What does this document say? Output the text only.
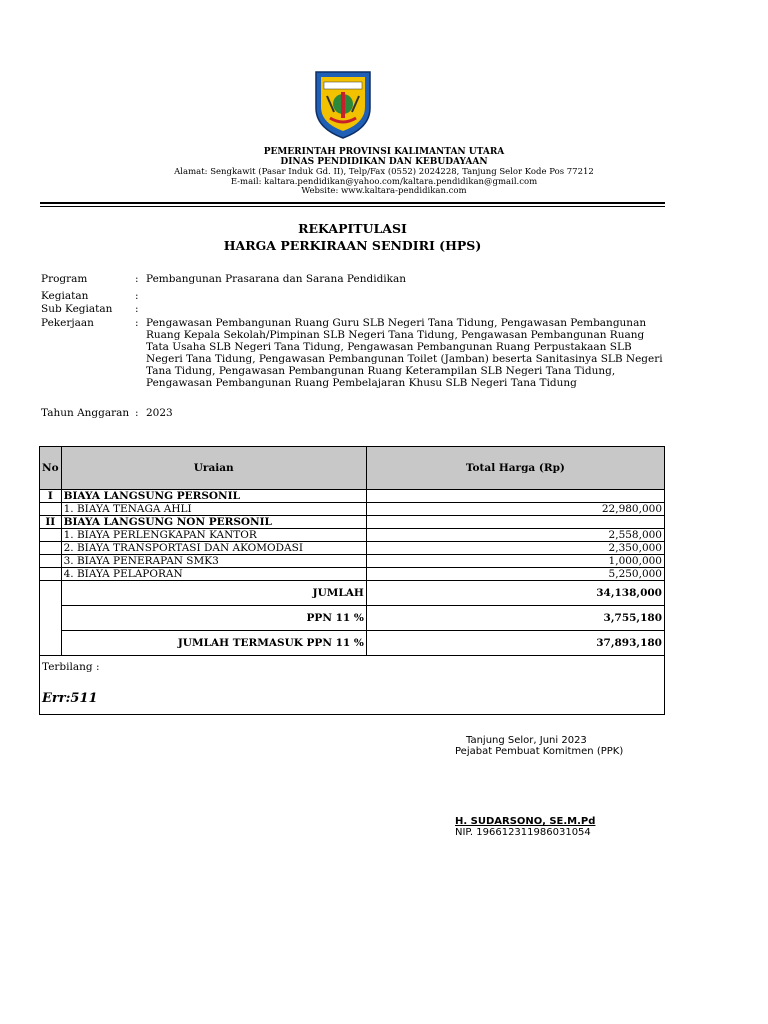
PEMERINTAH PROVINSI KALIMANTAN UTARA
DINAS PENDIDIKAN DAN KEBUDAYAAN
Alamat: Sengkawit (Pasar Induk Gd. II), Telp/Fax (0552) 2024228, Tanjung Selor Kode Pos 77212
E-mail: kaltara.pendidikan@yahoo.com/kaltara.pendidikan@gmail.com
Website: www.kaltara-pendidikan.com
REKAPITULASI
HARGA PERKIRAAN SENDIRI (HPS)
Program	: Pembangunan Prasarana dan Sarana Pendidikan
Kegiatan	:
Sub Kegiatan :
Pekerjaan	: Pengawasan Pembangunan Ruang Guru SLB Negeri Tana Tidung, Pengawasan Pembangunan Ruang Kepala Sekolah/Pimpinan SLB Negeri Tana Tidung, Pengawasan Pembangunan Ruang Tata Usaha SLB Negeri Tana Tidung, Pengawasan Pembangunan Ruang Perpustakaan SLB Negeri Tana Tidung, Pengawasan Pembangunan Toilet (Jamban) beserta Sanitasinya SLB Negeri Tana Tidung, Pengawasan Pembangunan Ruang Keterampilan SLB Negeri Tana Tidung, Pengawasan Pembangunan Ruang Pembelajaran Khusu SLB Negeri Tana Tidung
Tahun Anggaran : 2023
No	Uraian	Total Harga (Rp)
I	BIAYA LANGSUNG PERSONIL	
	1. BIAYA TENAGA AHLI	22,980,000
II	BIAYA LANGSUNG NON PERSONIL	
	1. BIAYA PERLENGKAPAN KANTOR	2,558,000
	2. BIAYA TRANSPORTASI DAN AKOMODASI	2,350,000
	3. BIAYA PENERAPAN SMK3	1,000,000
	4. BIAYA PELAPORAN	5,250,000
	JUMLAH	34,138,000
	PPN 11 %	3,755,180
	JUMLAH TERMASUK PPN 11 %	37,893,180

Terbilang :
Err:511
Tanjung Selor, Juni 2023
Pejabat Pembuat Komitmen (PPK)
H. SUDARSONO, SE.M.Pd
NIP. 196612311986031054
